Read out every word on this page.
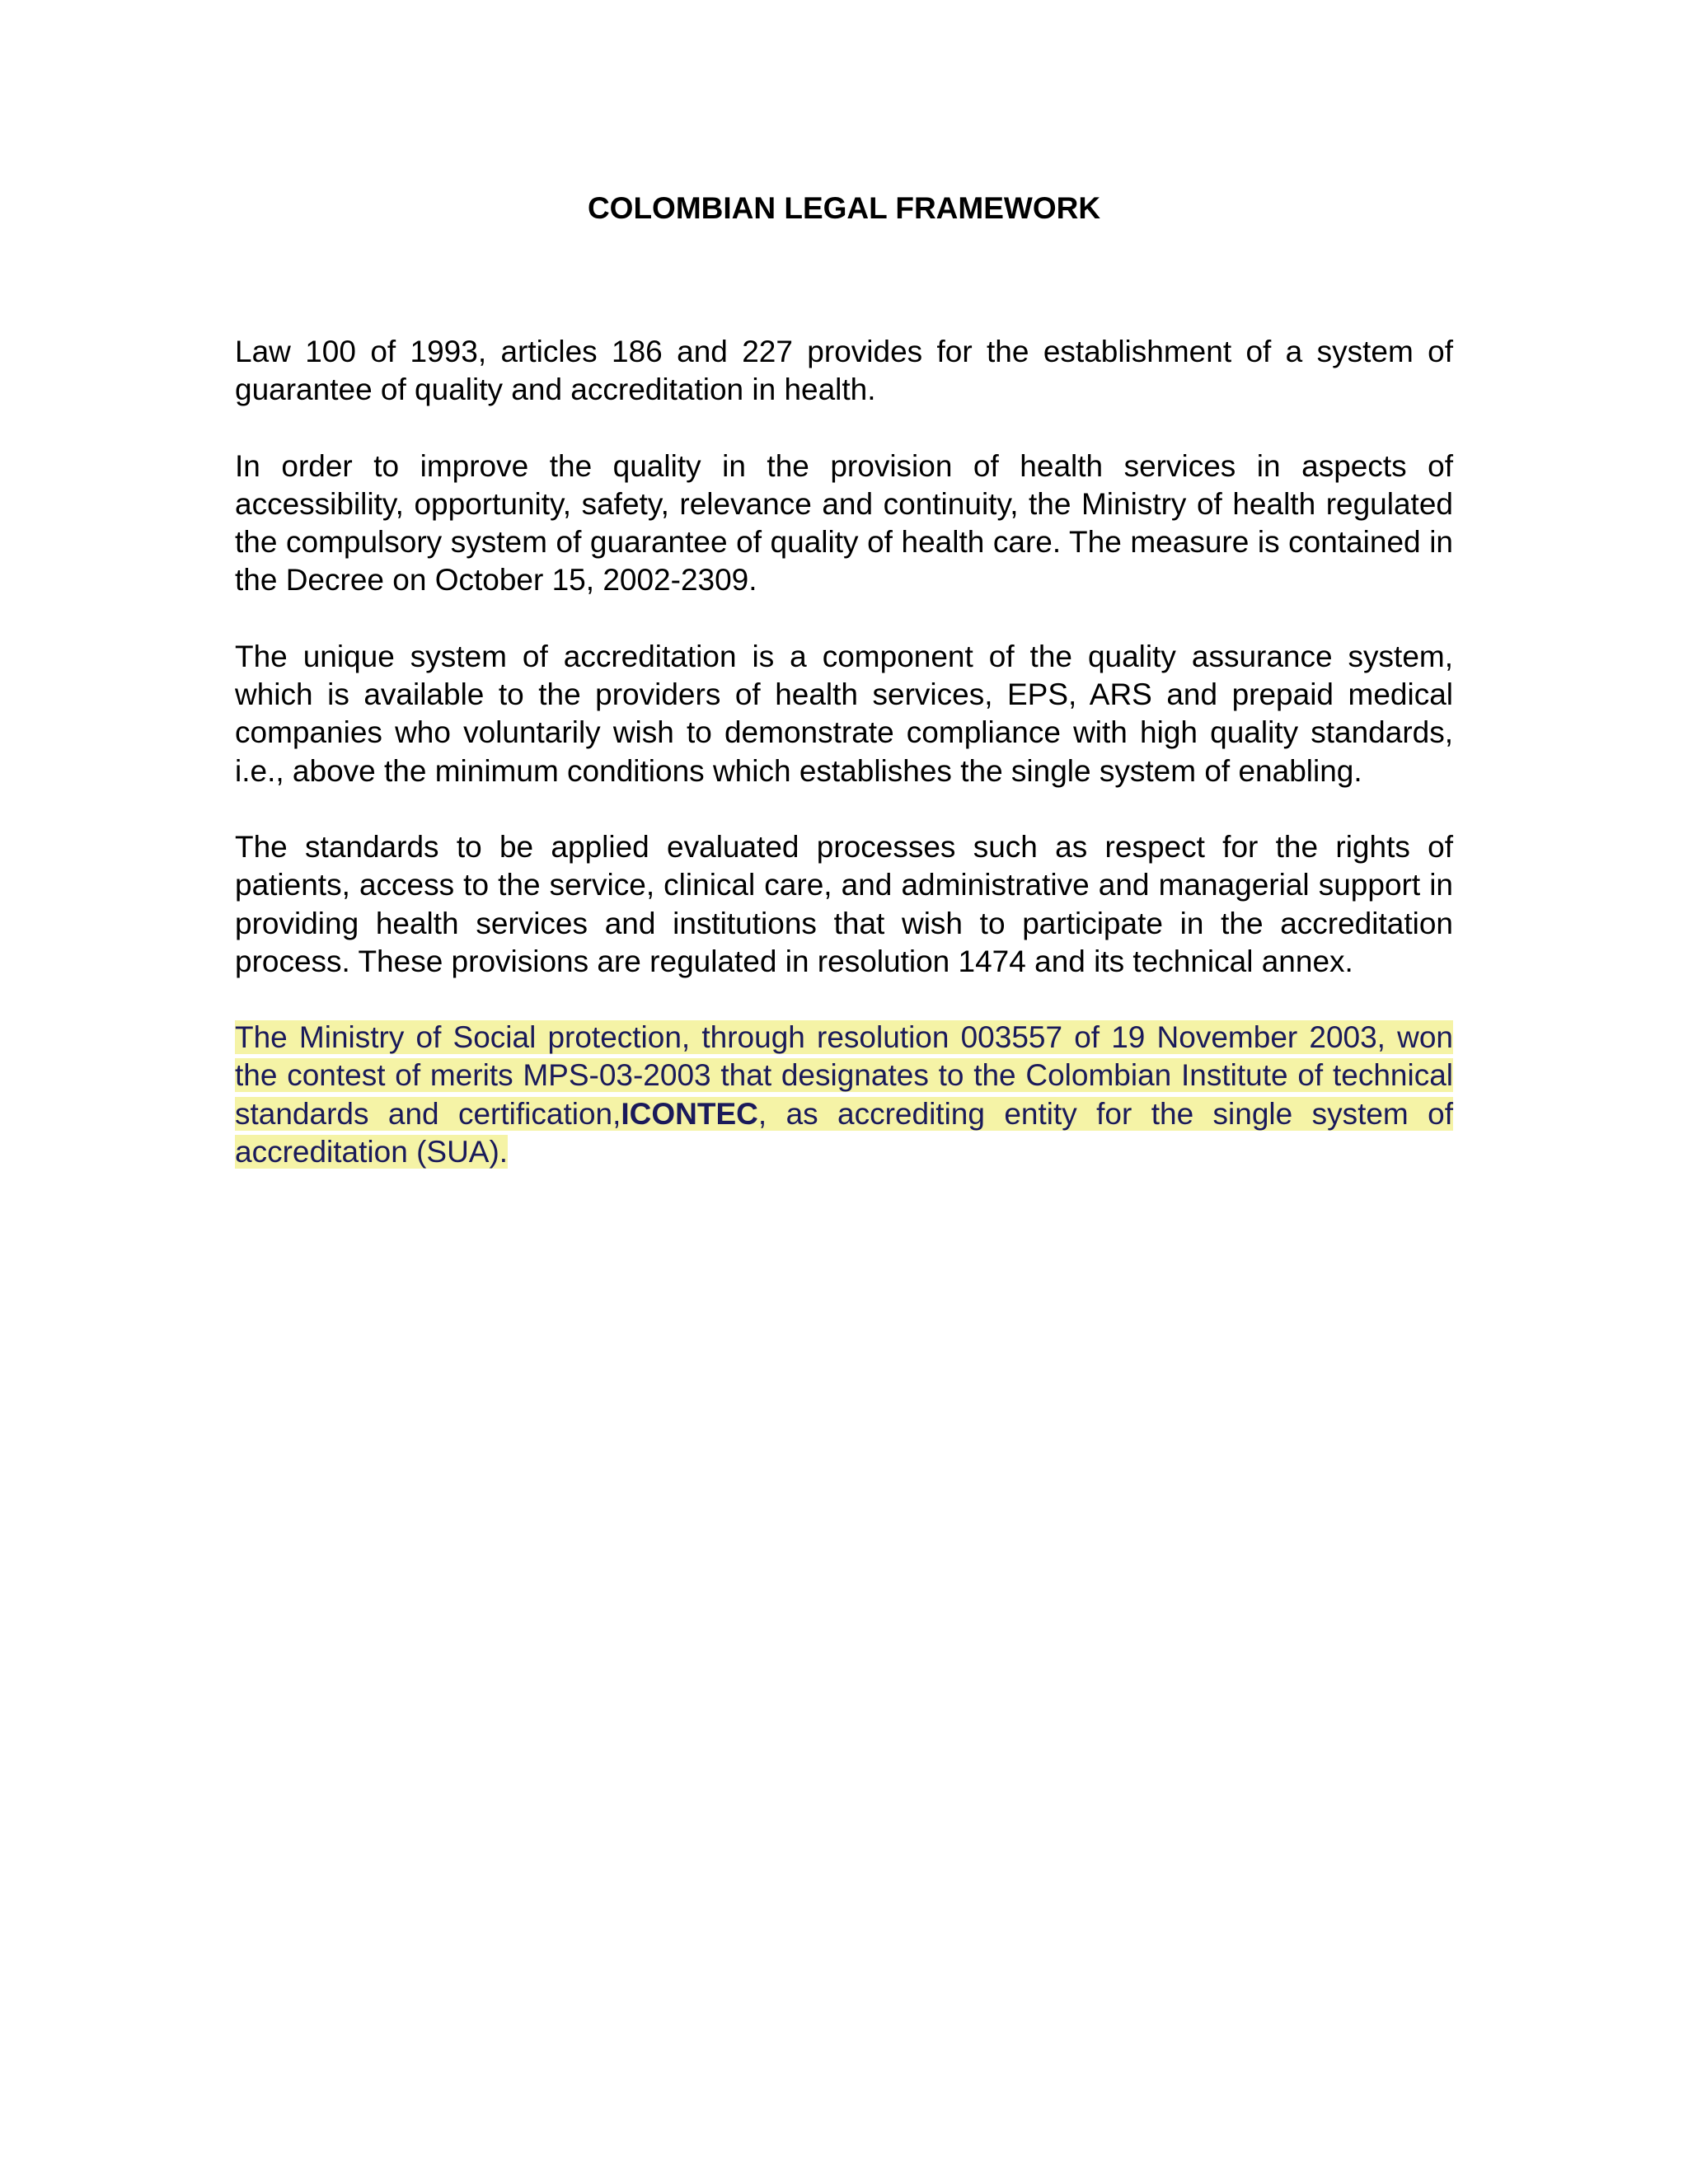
COLOMBIAN LEGAL FRAMEWORK

Law 100 of 1993, articles 186 and 227 provides for the establishment of a system of guarantee of quality and accreditation in health.

In order to improve the quality in the provision of health services in aspects of accessibility, opportunity, safety, relevance and continuity, the Ministry of health regulated the compulsory system of guarantee of quality of health care. The measure is contained in the Decree on October 15, 2002-2309.

The unique system of accreditation is a component of the quality assurance system, which is available to the providers of health services, EPS, ARS and prepaid medical companies who voluntarily wish to demonstrate compliance with high quality standards, i.e., above the minimum conditions which establishes the single system of enabling.

The standards to be applied evaluated processes such as respect for the rights of patients, access to the service, clinical care, and administrative and managerial support in providing health services and institutions that wish to participate in the accreditation process. These provisions are regulated in resolution 1474 and its technical annex.

The Ministry of Social protection, through resolution 003557 of 19 November 2003, won the contest of merits MPS-03-2003 that designates to the Colombian Institute of technical standards and certification,ICONTEC, as accrediting entity for the single system of accreditation (SUA).
